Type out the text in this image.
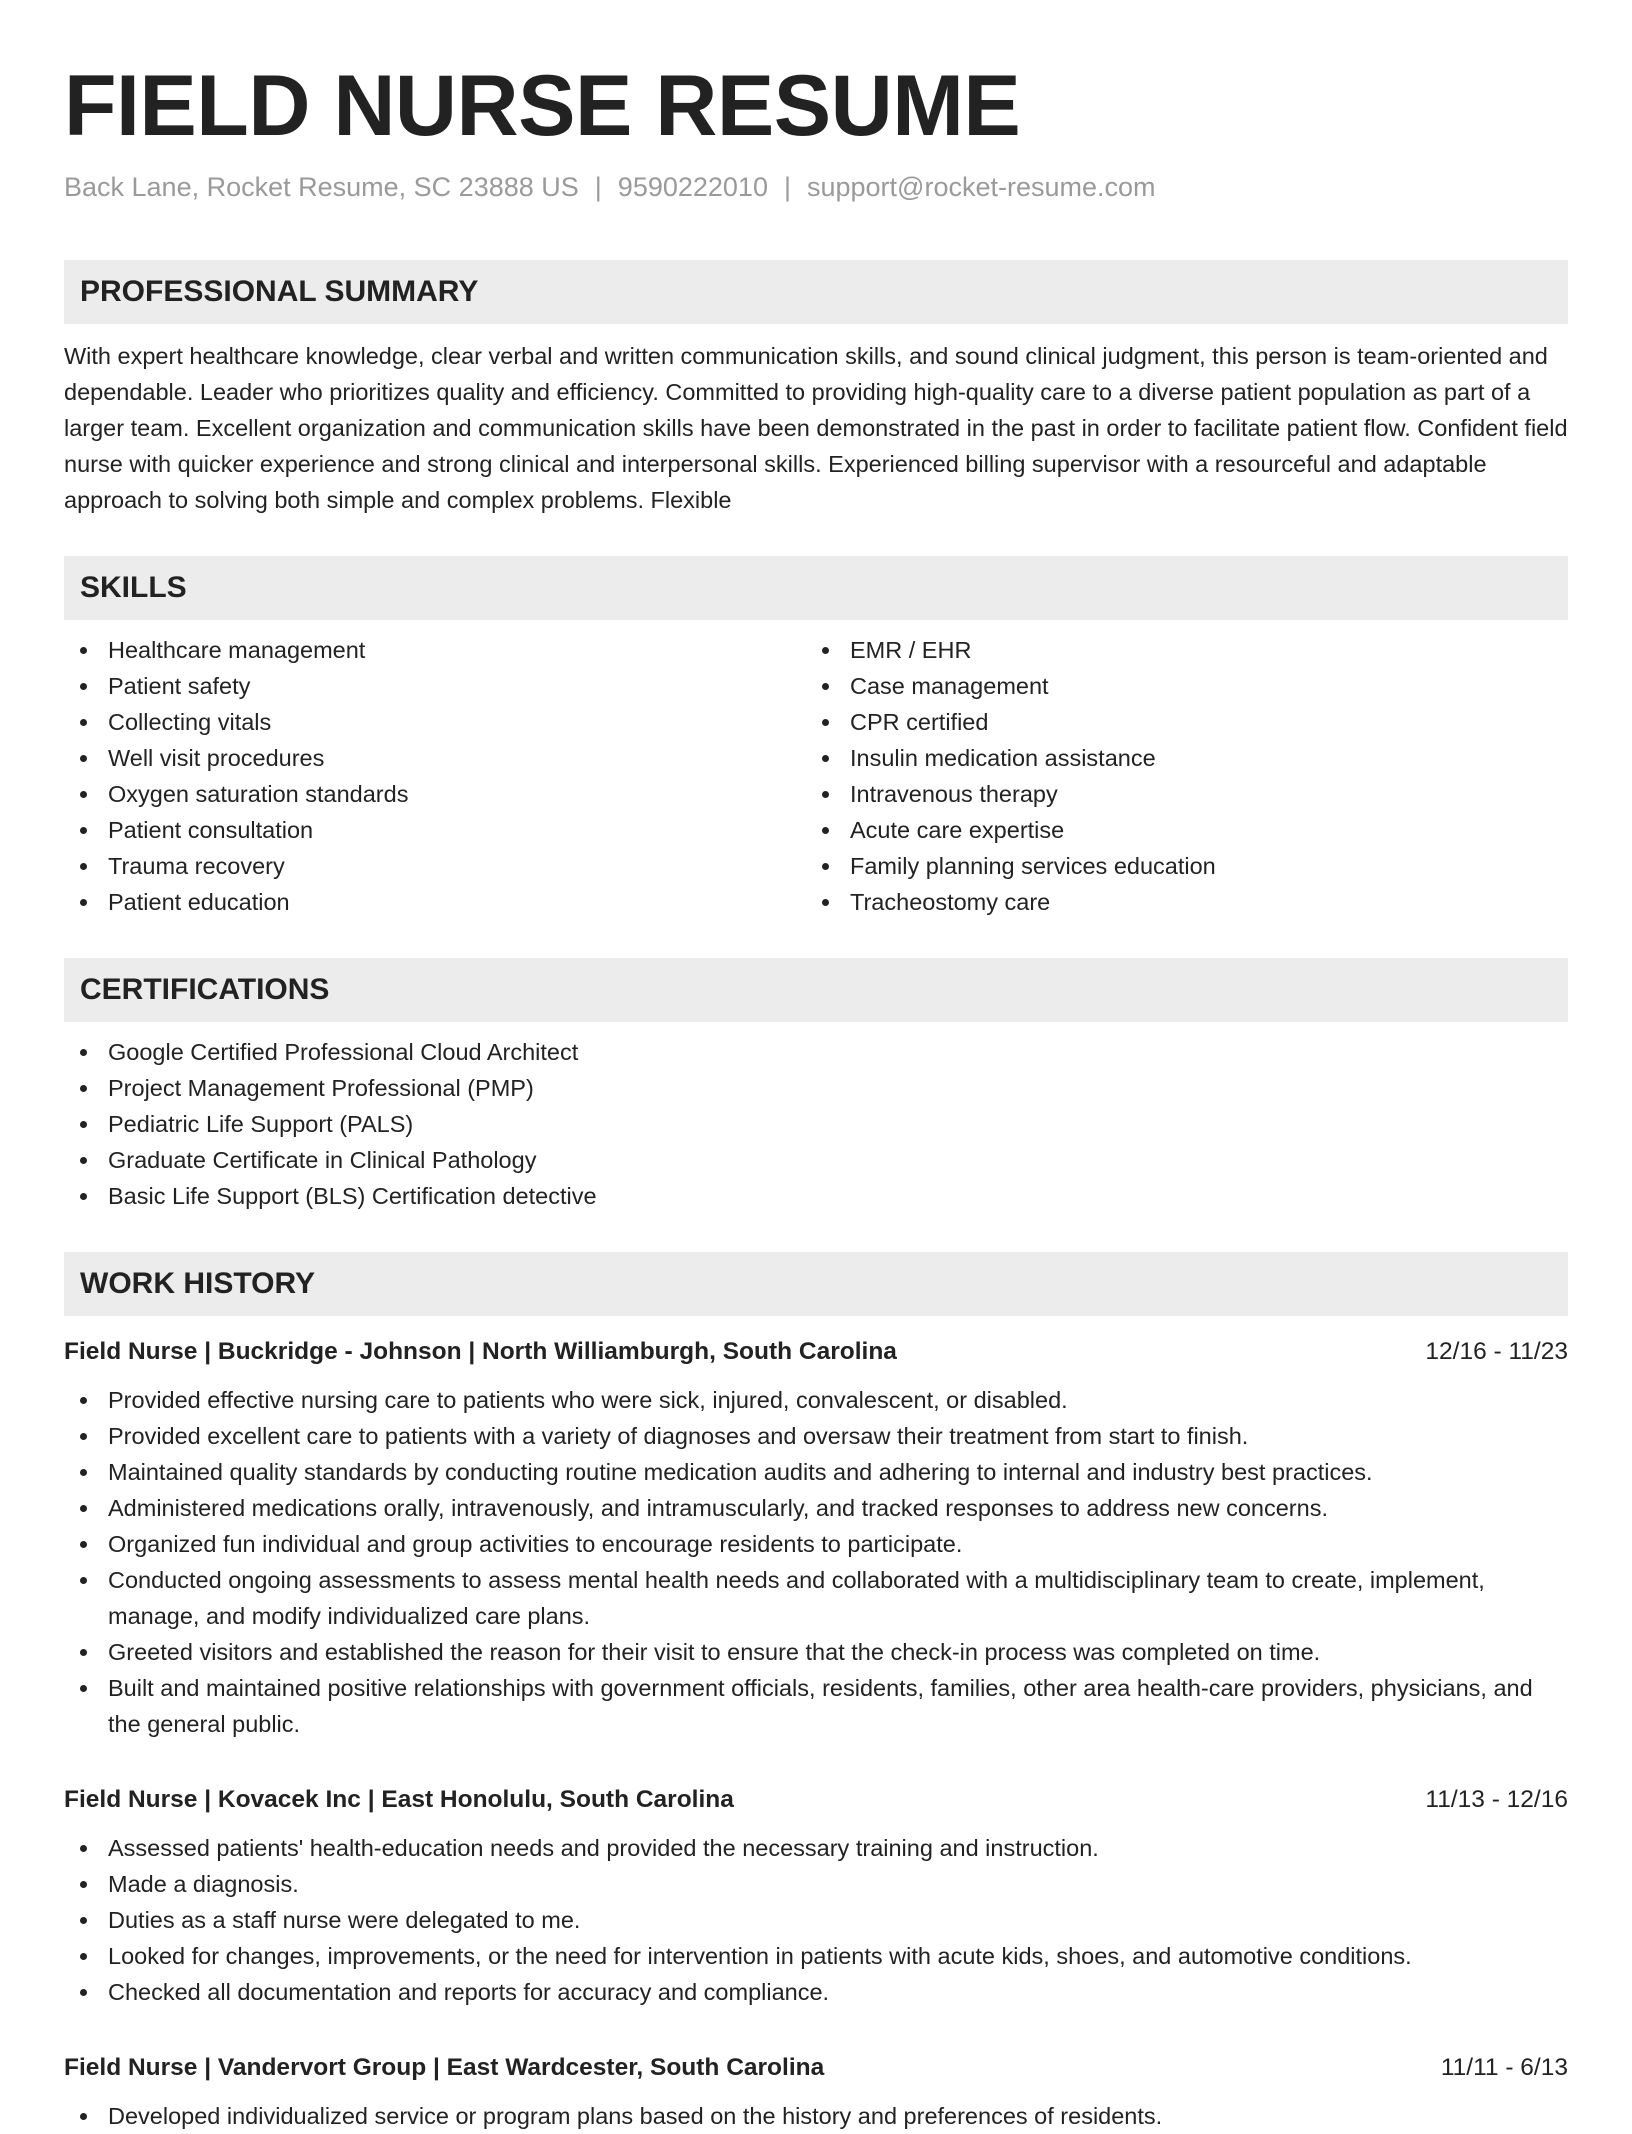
FIELD NURSE RESUME
Back Lane, Rocket Resume, SC 23888 US | 9590222010 | support@rocket-resume.com
PROFESSIONAL SUMMARY
With expert healthcare knowledge, clear verbal and written communication skills, and sound clinical judgment, this person is team-oriented and dependable. Leader who prioritizes quality and efficiency. Committed to providing high-quality care to a diverse patient population as part of a larger team. Excellent organization and communication skills have been demonstrated in the past in order to facilitate patient flow. Confident field nurse with quicker experience and strong clinical and interpersonal skills. Experienced billing supervisor with a resourceful and adaptable approach to solving both simple and complex problems. Flexible
SKILLS
Healthcare management
Patient safety
Collecting vitals
Well visit procedures
Oxygen saturation standards
Patient consultation
Trauma recovery
Patient education
EMR / EHR
Case management
CPR certified
Insulin medication assistance
Intravenous therapy
Acute care expertise
Family planning services education
Tracheostomy care
CERTIFICATIONS
Google Certified Professional Cloud Architect
Project Management Professional (PMP)
Pediatric Life Support (PALS)
Graduate Certificate in Clinical Pathology
Basic Life Support (BLS) Certification detective
WORK HISTORY
Field Nurse | Buckridge - Johnson | North Williamburgh, South Carolina	12/16 - 11/23
Provided effective nursing care to patients who were sick, injured, convalescent, or disabled.
Provided excellent care to patients with a variety of diagnoses and oversaw their treatment from start to finish.
Maintained quality standards by conducting routine medication audits and adhering to internal and industry best practices.
Administered medications orally, intravenously, and intramuscularly, and tracked responses to address new concerns.
Organized fun individual and group activities to encourage residents to participate.
Conducted ongoing assessments to assess mental health needs and collaborated with a multidisciplinary team to create, implement, manage, and modify individualized care plans.
Greeted visitors and established the reason for their visit to ensure that the check-in process was completed on time.
Built and maintained positive relationships with government officials, residents, families, other area health-care providers, physicians, and the general public.
Field Nurse | Kovacek Inc | East Honolulu, South Carolina	11/13 - 12/16
Assessed patients' health-education needs and provided the necessary training and instruction.
Made a diagnosis.
Duties as a staff nurse were delegated to me.
Looked for changes, improvements, or the need for intervention in patients with acute kids, shoes, and automotive conditions.
Checked all documentation and reports for accuracy and compliance.
Field Nurse | Vandervort Group | East Wardcester, South Carolina	11/11 - 6/13
Developed individualized service or program plans based on the history and preferences of residents.
